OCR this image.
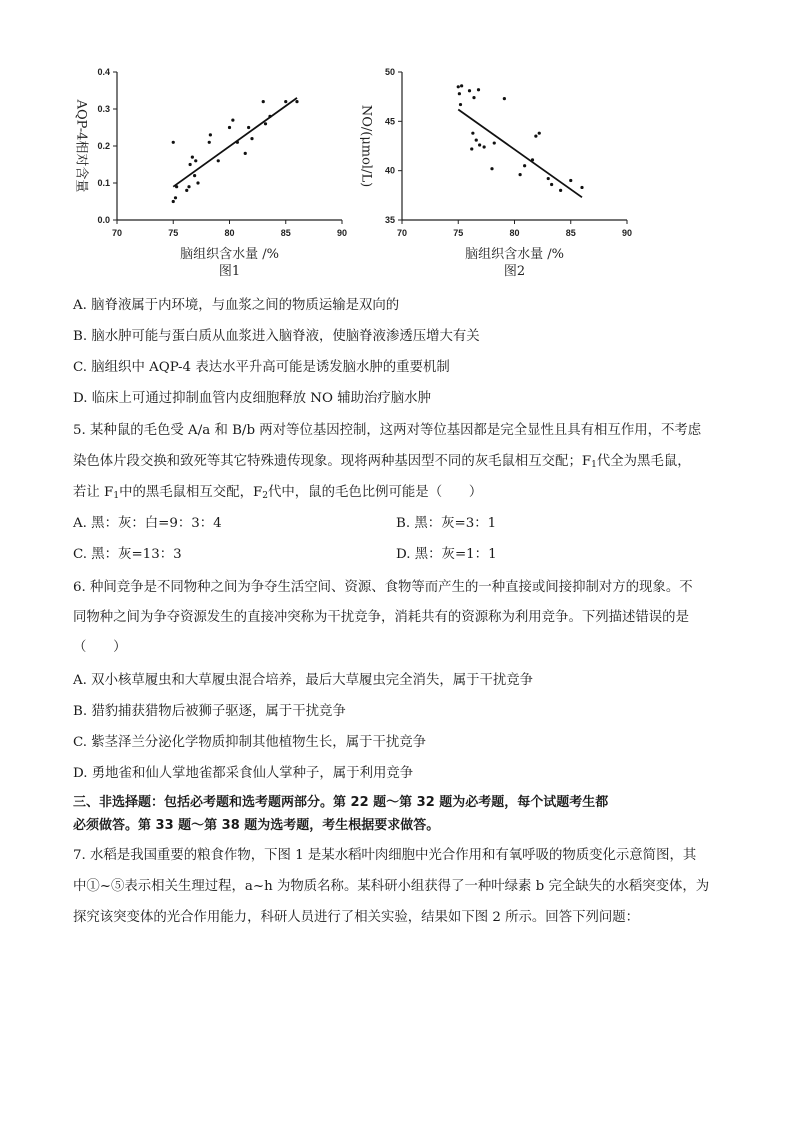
70	75	80	85	90
0.0
0.1
0.2
0.3
0.4
脑组织含水量 /%
图1
AQP-4相对含量
70	75	80	85	90
35
40
45
50
脑组织含水量 /%
图2
NO/(μmol/L)
A. 脑脊液属于内环境，与血浆之间的物质运输是双向的
B. 脑水肿可能与蛋白质从血浆进入脑脊液，使脑脊液渗透压增大有关
C. 脑组织中 AQP-4 表达水平升高可能是诱发脑水肿的重要机制
D. 临床上可通过抑制血管内皮细胞释放 NO 辅助治疗脑水肿
5. 某种鼠的毛色受 A/a 和 B/b 两对等位基因控制，这两对等位基因都是完全显性且具有相互作用，不考虑
染色体片段交换和致死等其它特殊遗传现象。现将两种基因型不同的灰毛鼠相互交配；$F_1$代全为黑毛鼠，
若让 $F_1$中的黑毛鼠相互交配，$F_2$代中，鼠的毛色比例可能是（　　）
A. 黑：灰：白=9：3：4	B. 黑：灰=3：1
C. 黑：灰=13：3	D. 黑：灰=1：1
6. 种间竞争是不同物种之间为争夺生活空间、资源、食物等而产生的一种直接或间接抑制对方的现象。不
同物种之间为争夺资源发生的直接冲突称为干扰竞争，消耗共有的资源称为利用竞争。下列描述错误的是
（　　）
A. 双小核草履虫和大草履虫混合培养，最后大草履虫完全消失，属于干扰竞争
B. 猎豹捕获猎物后被狮子驱逐，属于干扰竞争
C. 紫茎泽兰分泌化学物质抑制其他植物生长，属于干扰竞争
D. 勇地雀和仙人掌地雀都采食仙人掌种子，属于利用竞争
三、非选择题：包括必考题和选考题两部分。第 22 题～第 32 题为必考题，每个试题考生都
必须做答。第 33 题～第 38 题为选考题，考生根据要求做答。
7. 水稻是我国重要的粮食作物，下图 1 是某水稻叶肉细胞中光合作用和有氧呼吸的物质变化示意简图，其
中①~⑤表示相关生理过程，a~h 为物质名称。某科研小组获得了一种叶绿素 b 完全缺失的水稻突变体，为
探究该突变体的光合作用能力，科研人员进行了相关实验，结果如下图 2 所示。回答下列问题：
